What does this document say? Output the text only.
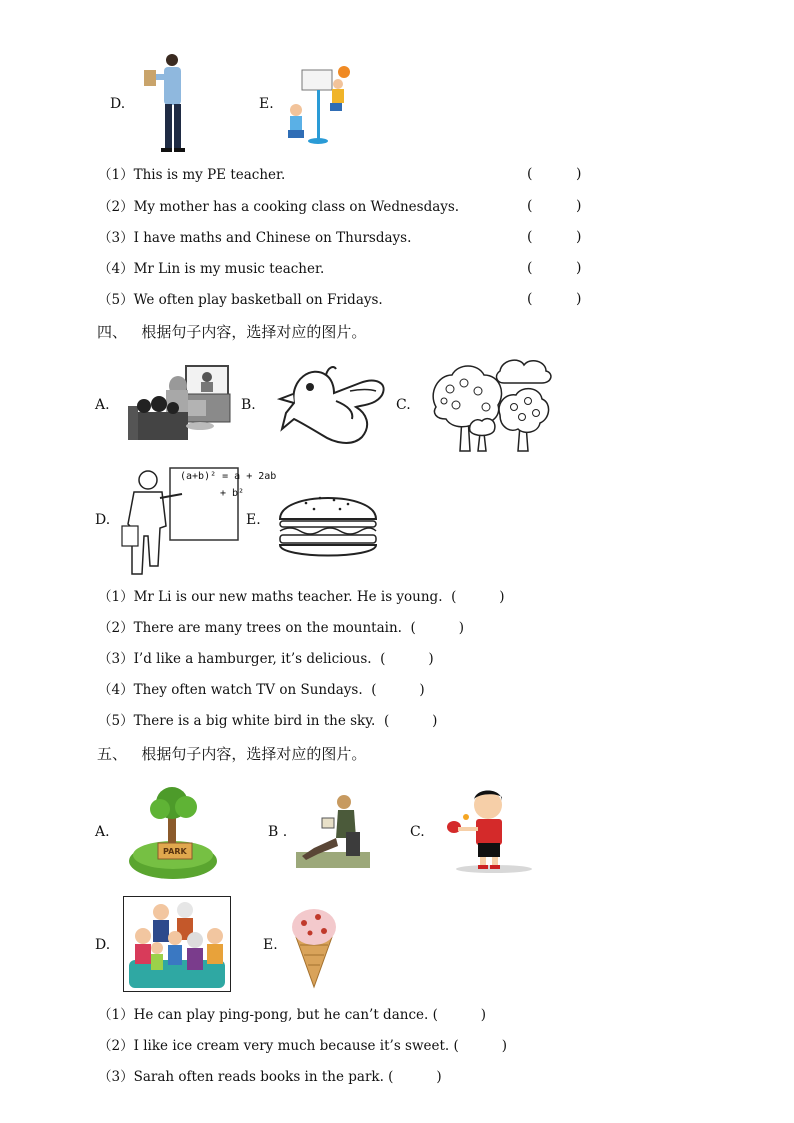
D.	E.
（1）This is my PE teacher.	(	)
（2）My mother has a cooking class on Wednesdays.	(	)
（3）I have maths and Chinese on Thursdays.	(	)
（4）Mr Lin is my music teacher.	(	)
（5）We often play basketball on Fridays.	(	)
四、 根据句子内容，选择对应的图片。
A.	B.	C.
D.
(a+b)² = a + 2ab
+ b²
E.
（1）Mr Li is our new maths teacher. He is young. (          )
（2）There are many trees on the mountain. (          )
（3）I’d like a hamburger, it’s delicious. (          )
（4）They often watch TV on Sundays. (          )
（5）There is a big white bird in the sky. (          )
五、 根据句子内容，选择对应的图片。
A.
PARK
B .	C.
D.	E.
（1）He can play ping-pong, but he can’t dance. (          )
（2）I like ice cream very much because it’s sweet. (          )
（3）Sarah often reads books in the park. (          )
